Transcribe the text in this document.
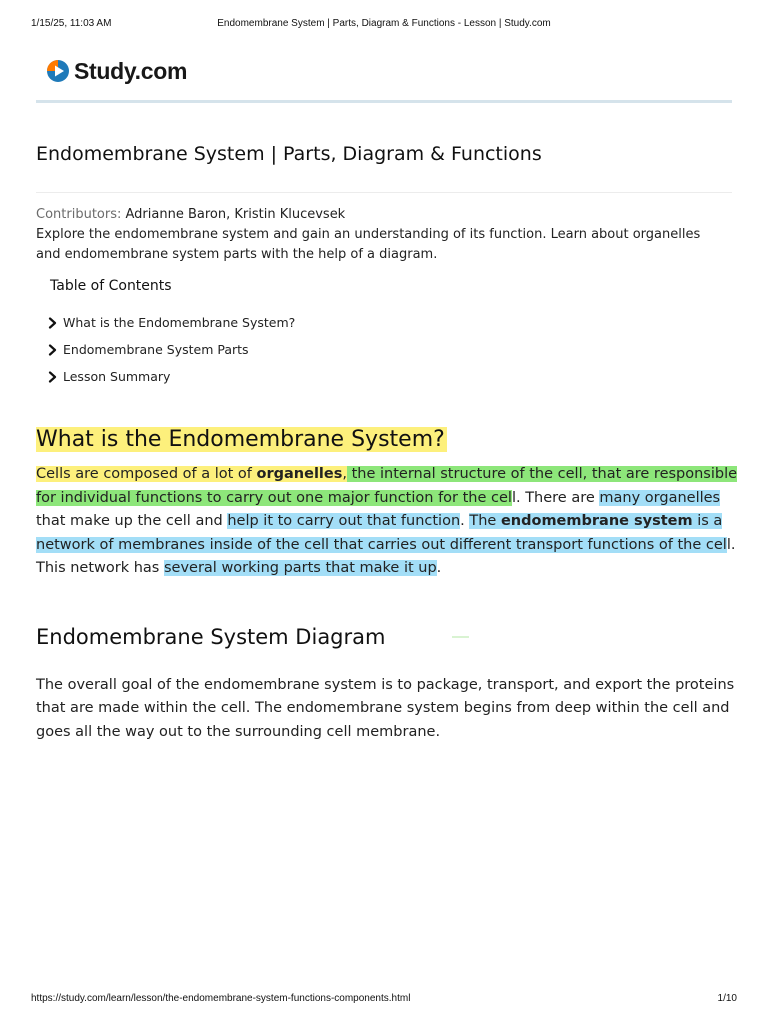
1/15/25, 11:03 AM	Endomembrane System | Parts, Diagram & Functions - Lesson | Study.com
Study.com
Endomembrane System | Parts, Diagram & Functions
Contributors: Adrianne Baron, Kristin Klucevsek

Explore the endomembrane system and gain an understanding of its function. Learn about organelles and endomembrane system parts with the help of a diagram.

Table of Contents
What is the Endomembrane System?
Endomembrane System Parts
Lesson Summary
What is the Endomembrane System?

Cells are composed of a lot of organelles, the internal structure of the cell, that are responsible for individual functions to carry out one major function for the cell. There are many organelles that make up the cell and help it to carry out that function. The endomembrane system is a network of membranes inside of the cell that carries out different transport functions of the cell. This network has several working parts that make it up.

Endomembrane System Diagram

The overall goal of the endomembrane system is to package, transport, and export the proteins that are made within the cell. The endomembrane system begins from deep within the cell and goes all the way out to the surrounding cell membrane.

https://study.com/learn/lesson/the-endomembrane-system-functions-components.html	1/10
